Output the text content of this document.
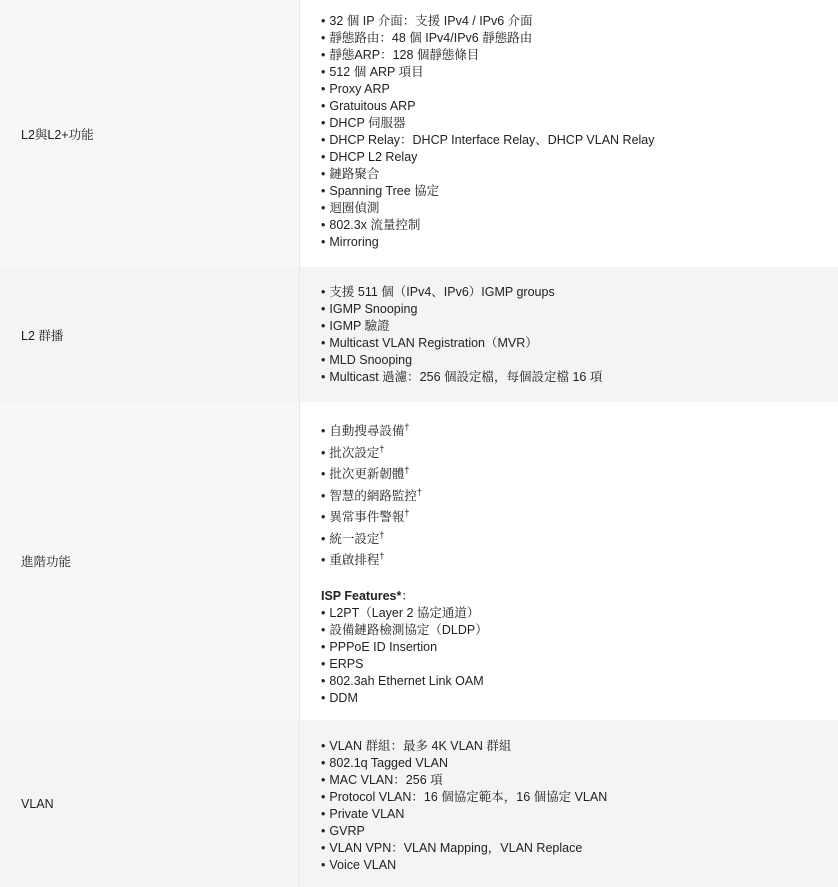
L2與L2+功能
• 32 個 IP 介面：支援 IPv4 / IPv6 介面
• 靜態路由：48 個 IPv4/IPv6 靜態路由
• 靜態ARP：128 個靜態條目
• 512 個 ARP 項目
• Proxy ARP
• Gratuitous ARP
• DHCP 伺服器
• DHCP Relay：DHCP Interface Relay、DHCP VLAN Relay
• DHCP L2 Relay
• 鏈路聚合
• Spanning Tree 協定
• 迴圈偵測
• 802.3x 流量控制
• Mirroring
L2 群播
• 支援 511 個（IPv4、IPv6）IGMP groups
• IGMP Snooping
• IGMP 驗證
• Multicast VLAN Registration（MVR）
• MLD Snooping
• Multicast 過濾：256 個設定檔，每個設定檔 16 項
進階功能
• 自動搜尋設備†
• 批次設定†
• 批次更新韌體†
• 智慧的網路監控†
• 異常事件警報†
• 統一設定†
• 重啟排程†
ISP Features*：
• L2PT（Layer 2 協定通道）
• 設備鏈路檢測協定（DLDP）
• PPPoE ID Insertion
• ERPS
• 802.3ah Ethernet Link OAM
• DDM
VLAN
• VLAN 群組：最多 4K VLAN 群組
• 802.1q Tagged VLAN
• MAC VLAN：256 項
• Protocol VLAN：16 個協定範本，16 個協定 VLAN
• Private VLAN
• GVRP
• VLAN VPN：VLAN Mapping，VLAN Replace
• Voice VLAN
